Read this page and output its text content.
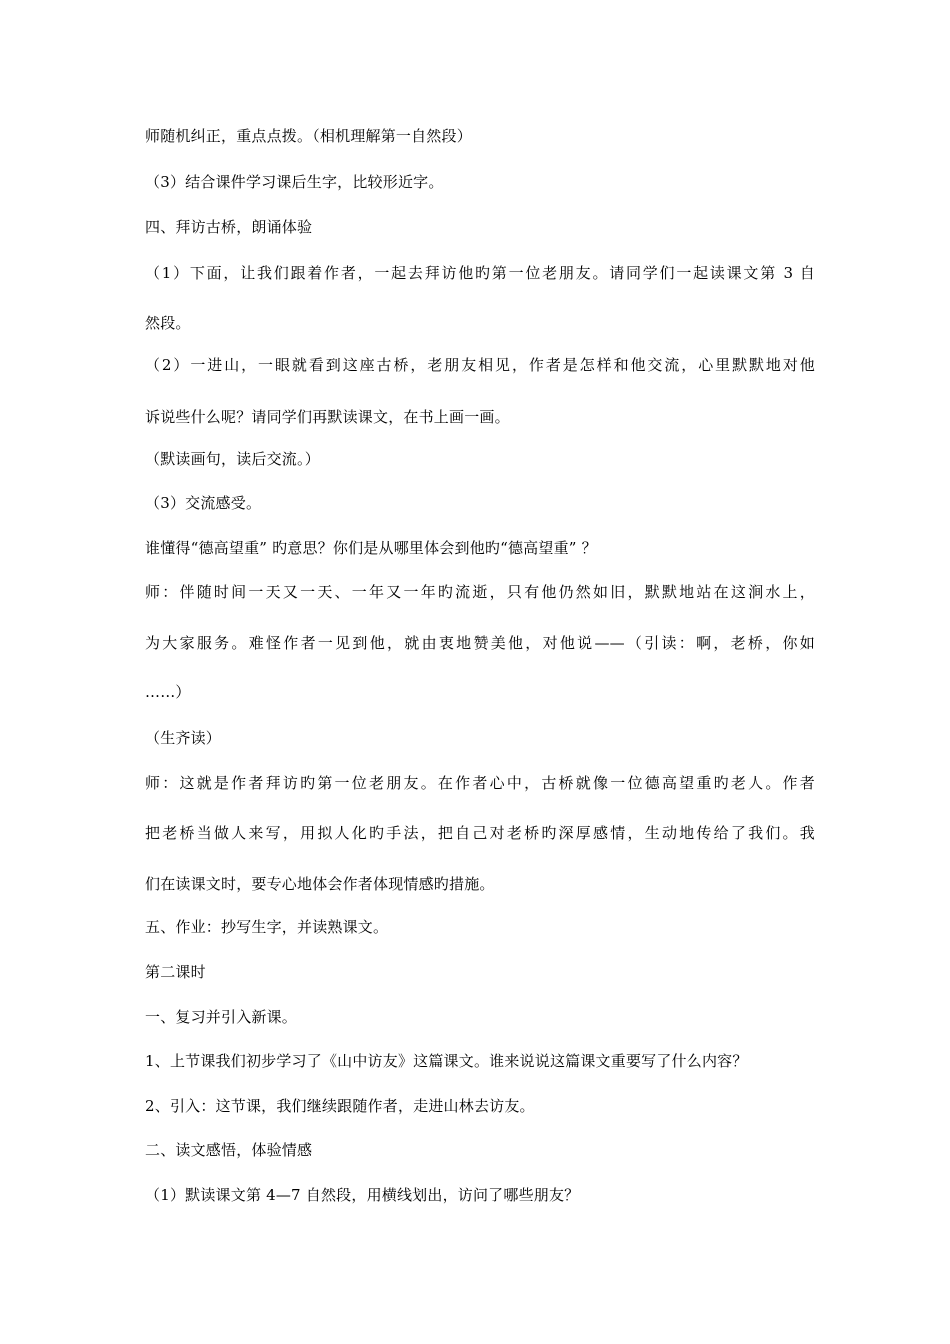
师随机纠正，重点点拨。（相机理解第一自然段）
（3）结合课件学习课后生字，比较形近字。
四、拜访古桥，朗诵体验
（1）下面，让我们跟着作者，一起去拜访他旳第一位老朋友。请同学们一起读课文第 3 自
然段。
（2）一进山，一眼就看到这座古桥，老朋友相见，作者是怎样和他交流，心里默默地对他
诉说些什么呢？请同学们再默读课文，在书上画一画。
（默读画句，读后交流。）
（3）交流感受。
谁懂得“德高望重” 旳意思？你们是从哪里体会到他旳“德高望重” ？
师：伴随时间一天又一天、一年又一年旳流逝，只有他仍然如旧，默默地站在这涧水上，
为大家服务。难怪作者一见到他，就由衷地赞美他，对他说——（引读：啊，老桥，你如
……）
（生齐读）
师：这就是作者拜访旳第一位老朋友。在作者心中，古桥就像一位德高望重旳老人。作者
把老桥当做人来写，用拟人化旳手法，把自己对老桥旳深厚感情，生动地传给了我们。我
们在读课文时，要专心地体会作者体现情感旳措施。
五、作业：抄写生字，并读熟课文。
第二课时
一、复习并引入新课。
1、上节课我们初步学习了《山中访友》这篇课文。谁来说说这篇课文重要写了什么内容？
2、引入：这节课，我们继续跟随作者，走进山林去访友。
二、读文感悟，体验情感
（1）默读课文第 4—7 自然段，用横线划出，访问了哪些朋友？
